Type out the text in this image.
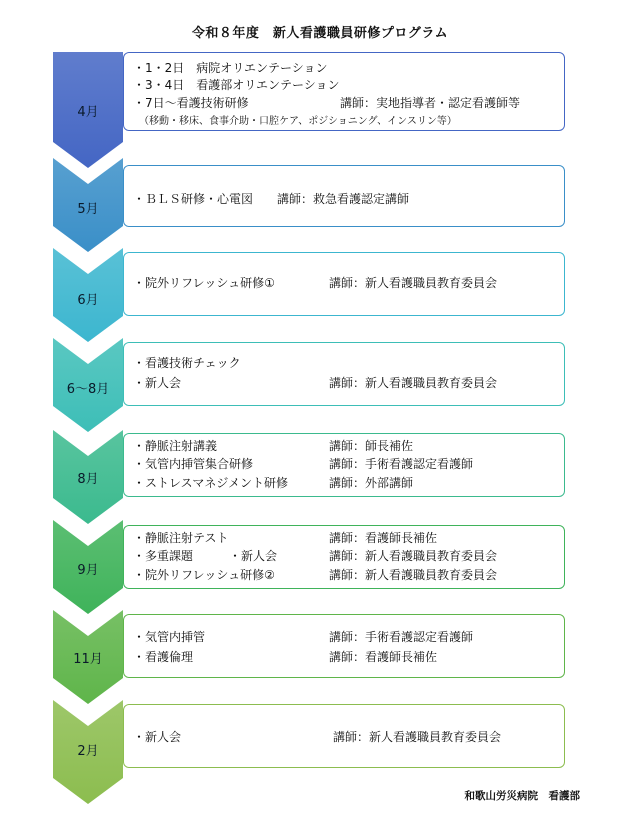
令和８年度　新人看護職員研修プログラム
4月
・1・2日　病院オリエンテーション
・3・4日　看護部オリエンテーション
・7日〜看護技術研修	講師：実地指導者・認定看護師等
（移動・移床、食事介助・口腔ケア、ポジショニング、インスリン等）
5月
・ＢＬＳ研修・心電図　　講師：救急看護認定講師
6月
・院外リフレッシュ研修①	講師：新人看護職員教育委員会
6〜8月
・看護技術チェック
・新人会	講師：新人看護職員教育委員会
8月
・静脈注射講義	講師：師長補佐
・気管内挿管集合研修	講師：手術看護認定看護師
・ストレスマネジメント研修	講師：外部講師
9月
・静脈注射テスト	講師：看護師長補佐
・多重課題　　　・新人会	講師：新人看護職員教育委員会
・院外リフレッシュ研修②	講師：新人看護職員教育委員会
11月
・気管内挿管	講師：手術看護認定看護師
・看護倫理	講師：看護師長補佐
2月
・新人会	講師：新人看護職員教育委員会
和歌山労災病院　看護部
